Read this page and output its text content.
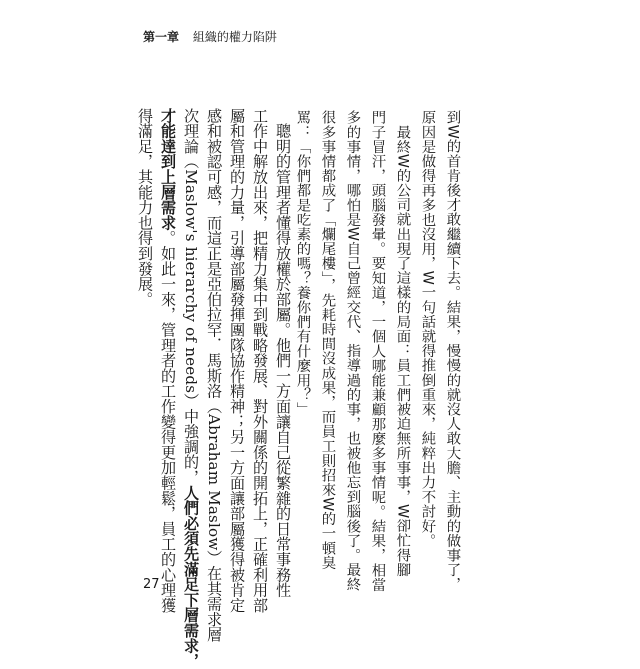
第一章 組織的權力陷阱
到W的首肯後才敢繼續下去。結果，慢慢的就沒人敢大膽、主動的做事了，
原因是做得再多也沒用，W一句話就得推倒重來，純粹出力不討好。
　最終W的公司就出現了這樣的局面：員工們被迫無所事事，W卻忙得腳
門子冒汗，頭腦發暈。要知道，一個人哪能兼顧那麼多事情呢。結果，相當
多的事情，哪怕是W自己曾經交代、指導過的事，也被他忘到腦後了。最終
很多事情都成了「爛尾樓」，先耗時間沒成果，而員工則招來W的一頓臭
罵：「你們都是吃素的嗎？養你們有什麼用？」
　聰明的管理者懂得放權於部屬。他們一方面讓自己從繁雜的日常事務性
工作中解放出來，把精力集中到戰略發展、對外關係的開拓上，正確利用部
屬和管理的力量，引導部屬發揮團隊協作精神；另一方面讓部屬獲得被肯定
感和被認可感，而這正是亞伯拉罕．馬斯洛（Abraham Maslow）在其需求層
次理論（Maslow's hierarchy of needs）中強調的，人們必須先滿足下層需求，
才能達到上層需求。如此一來，管理者的工作變得更加輕鬆，員工的心理獲
得滿足，其能力也得到發展。
27
